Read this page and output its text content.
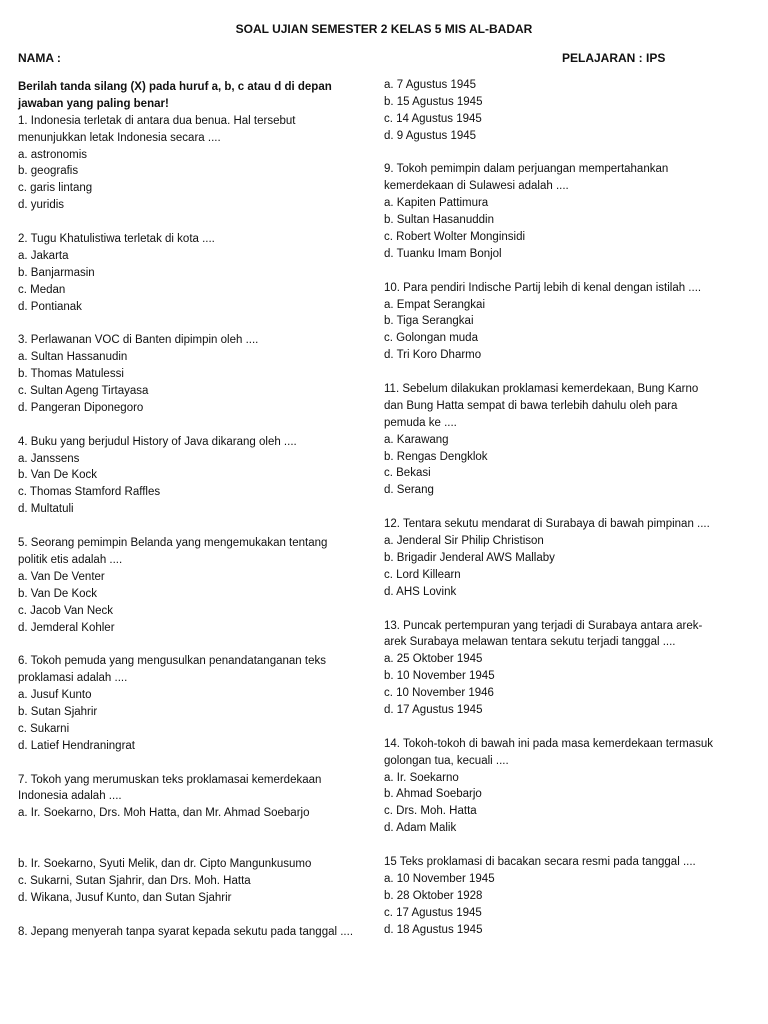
SOAL UJIAN SEMESTER 2 KELAS 5 MIS AL-BADAR
NAMA :	PELAJARAN : IPS
Berilah tanda silang (X) pada huruf a, b, c atau d di depan
jawaban yang paling benar!
1. Indonesia terletak di antara dua benua. Hal tersebut
menunjukkan letak Indonesia secara ....
a. astronomis
b. geografis
c. garis lintang
d. yuridis
2. Tugu Khatulistiwa terletak di kota ....
a. Jakarta
b. Banjarmasin
c. Medan
d. Pontianak
3. Perlawanan VOC di Banten dipimpin oleh ....
a. Sultan Hassanudin
b. Thomas Matulessi
c. Sultan Ageng Tirtayasa
d. Pangeran Diponegoro
4. Buku yang berjudul History of Java dikarang oleh ....
a. Janssens
b. Van De Kock
c. Thomas Stamford Raffles
d. Multatuli
5. Seorang pemimpin Belanda yang mengemukakan tentang
politik etis adalah ....
a. Van De Venter
b. Van De Kock
c. Jacob Van Neck
d. Jemderal Kohler
6. Tokoh pemuda yang mengusulkan penandatanganan teks
proklamasi adalah ....
a. Jusuf Kunto
b. Sutan Sjahrir
c. Sukarni
d. Latief Hendraningrat
7. Tokoh yang merumuskan teks proklamasai kemerdekaan
Indonesia adalah ....
a. Ir. Soekarno, Drs. Moh Hatta, dan Mr. Ahmad Soebarjo
b. Ir. Soekarno, Syuti Melik, dan dr. Cipto Mangunkusumo
c. Sukarni, Sutan Sjahrir, dan Drs. Moh. Hatta
d. Wikana, Jusuf Kunto, dan Sutan Sjahrir
8. Jepang menyerah tanpa syarat kepada sekutu pada tanggal ....
a. 7 Agustus 1945
b. 15 Agustus 1945
c. 14 Agustus 1945
d. 9 Agustus 1945
9. Tokoh pemimpin dalam perjuangan mempertahankan
kemerdekaan di Sulawesi adalah ....
a. Kapiten Pattimura
b. Sultan Hasanuddin
c. Robert Wolter Monginsidi
d. Tuanku Imam Bonjol
10. Para pendiri Indische Partij lebih di kenal dengan istilah ....
a. Empat Serangkai
b. Tiga Serangkai
c. Golongan muda
d. Tri Koro Dharmo
11. Sebelum dilakukan proklamasi kemerdekaan, Bung Karno
dan Bung Hatta sempat di bawa terlebih dahulu oleh para
pemuda ke ....
a. Karawang
b. Rengas Dengklok
c. Bekasi
d. Serang
12. Tentara sekutu mendarat di Surabaya di bawah pimpinan ....
a. Jenderal Sir Philip Christison
b. Brigadir Jenderal AWS Mallaby
c. Lord Killearn
d. AHS Lovink
13. Puncak pertempuran yang terjadi di Surabaya antara arek-
arek Surabaya melawan tentara sekutu terjadi tanggal ....
a. 25 Oktober 1945
b. 10 November 1945
c. 10 November 1946
d. 17 Agustus 1945
14. Tokoh-tokoh di bawah ini pada masa kemerdekaan termasuk
golongan tua, kecuali ....
a. Ir. Soekarno
b. Ahmad Soebarjo
c. Drs. Moh. Hatta
d. Adam Malik
15 Teks proklamasi di bacakan secara resmi pada tanggal ....
a. 10 November 1945
b. 28 Oktober 1928
c. 17 Agustus 1945
d. 18 Agustus 1945
